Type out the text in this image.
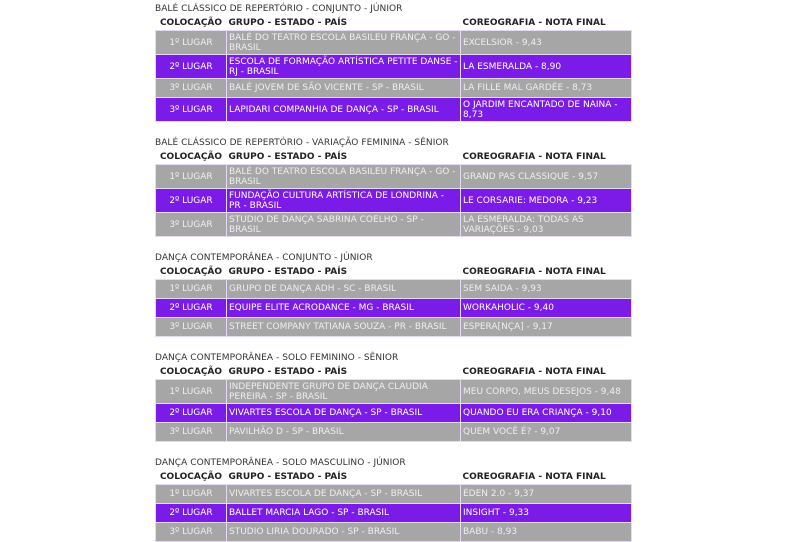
BALÉ CLÁSSICO DE REPERTÓRIO - CONJUNTO - JÚNIOR
COLOCAÇÃO	GRUPO - ESTADO - PAÍS	COREOGRAFIA - NOTA FINAL
1º LUGAR	BALÉ DO TEATRO ESCOLA BASILEU FRANÇA - GO - BRASIL	EXCELSIOR - 9,43
2º LUGAR	ESCOLA DE FORMAÇÃO ARTÍSTICA PETITE DANSE - RJ - BRASIL	LA ESMERALDA - 8,90
3º LUGAR	BALÉ JOVEM DE SÃO VICENTE - SP - BRASIL	LA FILLE MAL GARDÉE - 8,73
3º LUGAR	LAPIDARI COMPANHIA DE DANÇA - SP - BRASIL	O JARDIM ENCANTADO DE NAINA - 8,73
BALÉ CLÁSSICO DE REPERTÓRIO - VARIAÇÃO FEMININA - SÊNIOR
COLOCAÇÃO	GRUPO - ESTADO - PAÍS	COREOGRAFIA - NOTA FINAL
1º LUGAR	BALÉ DO TEATRO ESCOLA BASILEU FRANÇA - GO - BRASIL	GRAND PAS CLASSIQUE - 9,57
2º LUGAR	FUNDAÇÃO CULTURA ARTÍSTICA DE LONDRINA - PR - BRASIL	LE CORSARIE: MEDORA - 9,23
3º LUGAR	STUDIO DE DANÇA SABRINA COELHO - SP - BRASIL	LA ESMERALDA: TODAS AS VARIAÇÕES - 9,03
DANÇA CONTEMPORÂNEA - CONJUNTO - JÚNIOR
COLOCAÇÃO	GRUPO - ESTADO - PAÍS	COREOGRAFIA - NOTA FINAL
1º LUGAR	GRUPO DE DANÇA ADH - SC - BRASIL	SEM SAIDA - 9,93
2º LUGAR	EQUIPE ELITE ACRODANCE - MG - BRASIL	WORKAHOLIC - 9,40
3º LUGAR	STREET COMPANY TATIANA SOUZA - PR - BRASIL	ESPERA[NÇA] - 9,17
DANÇA CONTEMPORÂNEA - SOLO FEMININO - SÊNIOR
COLOCAÇÃO	GRUPO - ESTADO - PAÍS	COREOGRAFIA - NOTA FINAL
1º LUGAR	INDEPENDENTE GRUPO DE DANÇA CLAUDIA PEREIRA - SP - BRASIL	MEU CORPO, MEUS DESEJOS - 9,48
2º LUGAR	VIVARTES ESCOLA DE DANÇA - SP - BRASIL	QUANDO EU ERA CRIANÇA - 9,10
3º LUGAR	PAVILHÃO D - SP - BRASIL	QUEM VOCÊ É? - 9,07
DANÇA CONTEMPORÂNEA - SOLO MASCULINO - JÚNIOR
COLOCAÇÃO	GRUPO - ESTADO - PAÍS	COREOGRAFIA - NOTA FINAL
1º LUGAR	VIVARTES ESCOLA DE DANÇA - SP - BRASIL	ÉDEN 2.0 - 9,37
2º LUGAR	BALLET MARCIA LAGO - SP - BRASIL	INSIGHT - 9,33
3º LUGAR	STUDIO LIRIA DOURADO - SP - BRASIL	BABU - 8,93
